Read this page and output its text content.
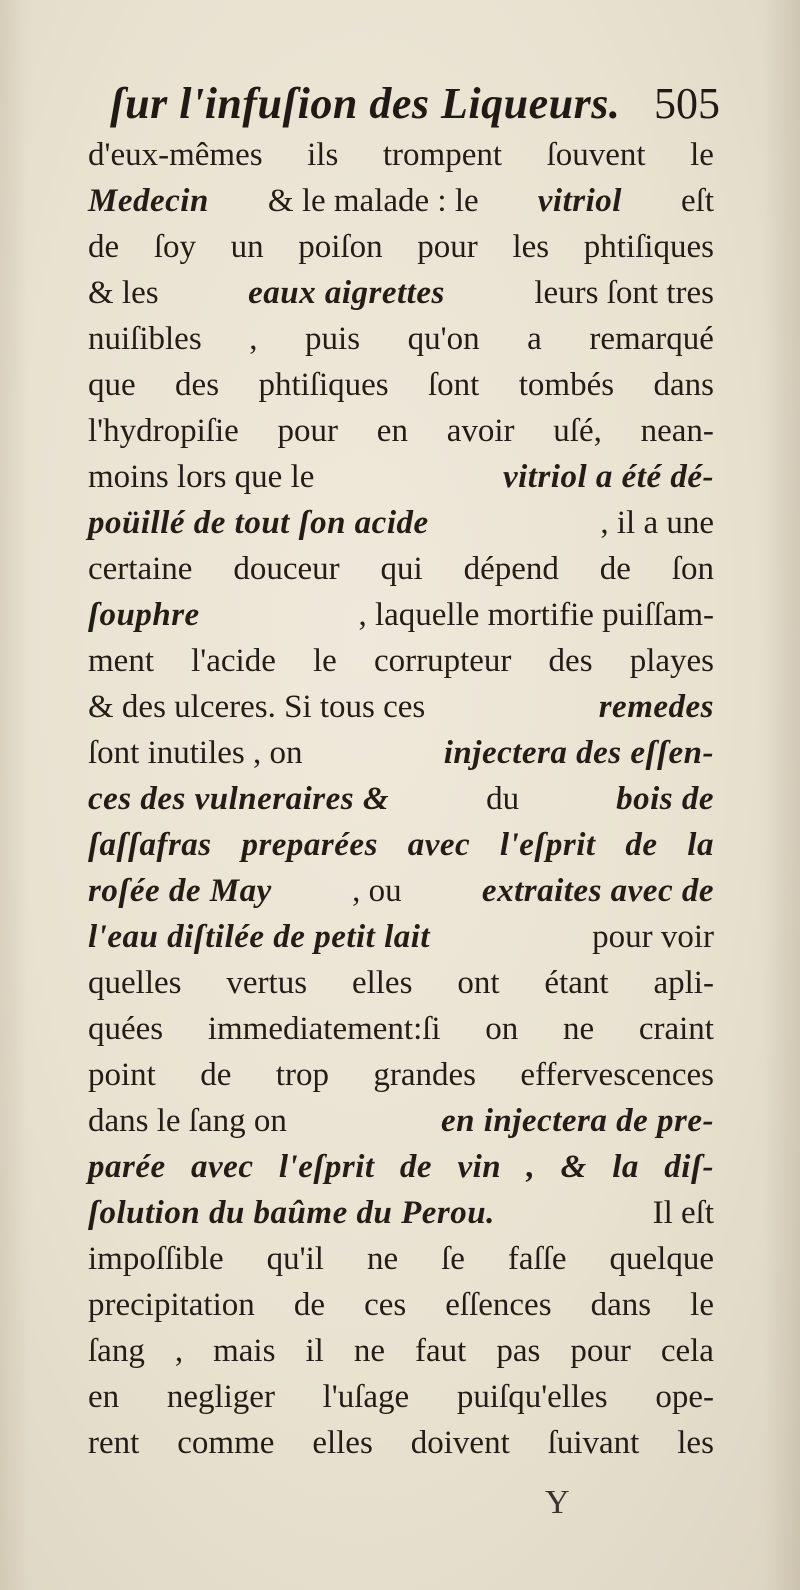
ſur l'infuſion des Liqueurs. 505
d'eux-mêmes ils trompent ſouvent le
Medecin & le malade : le vitriol eſt
de ſoy un poiſon pour les phtiſiques
& les eaux aigrettes leurs ſont tres
nuiſibles , puis qu'on a remarqué
que des phtiſiques ſont tombés dans
l'hydropiſie pour en avoir uſé, nean-
moins lors que le	vitriol a été dé-
poüillé de tout ſon acide	, il a une
certaine douceur qui dépend de ſon
ſouphre	, laquelle mortifie puiſſam-
ment l'acide le corrupteur des playes
& des ulceres. Si tous ces	remedes
ſont inutiles , on	injectera des eſſen-
ces des vulneraires &	du	bois de
ſaſſafras preparées avec l'eſprit de la
roſée de May , ou extraites avec de
l'eau diſtilée de petit lait	pour voir
quelles vertus elles ont étant apli-
quées immediatement:ſi on ne craint
point de trop grandes effervescences
dans le ſang on	en injectera de pre-
parée avec l'eſprit de vin , & la diſ-
ſolution du baûme du Perou.	Il eſt
impoſſible qu'il ne ſe faſſe quelque
precipitation de ces eſſences dans le
ſang , mais il ne faut pas pour cela
en negliger l'uſage puiſqu'elles ope-
rent comme elles doivent ſuivant les
Y
